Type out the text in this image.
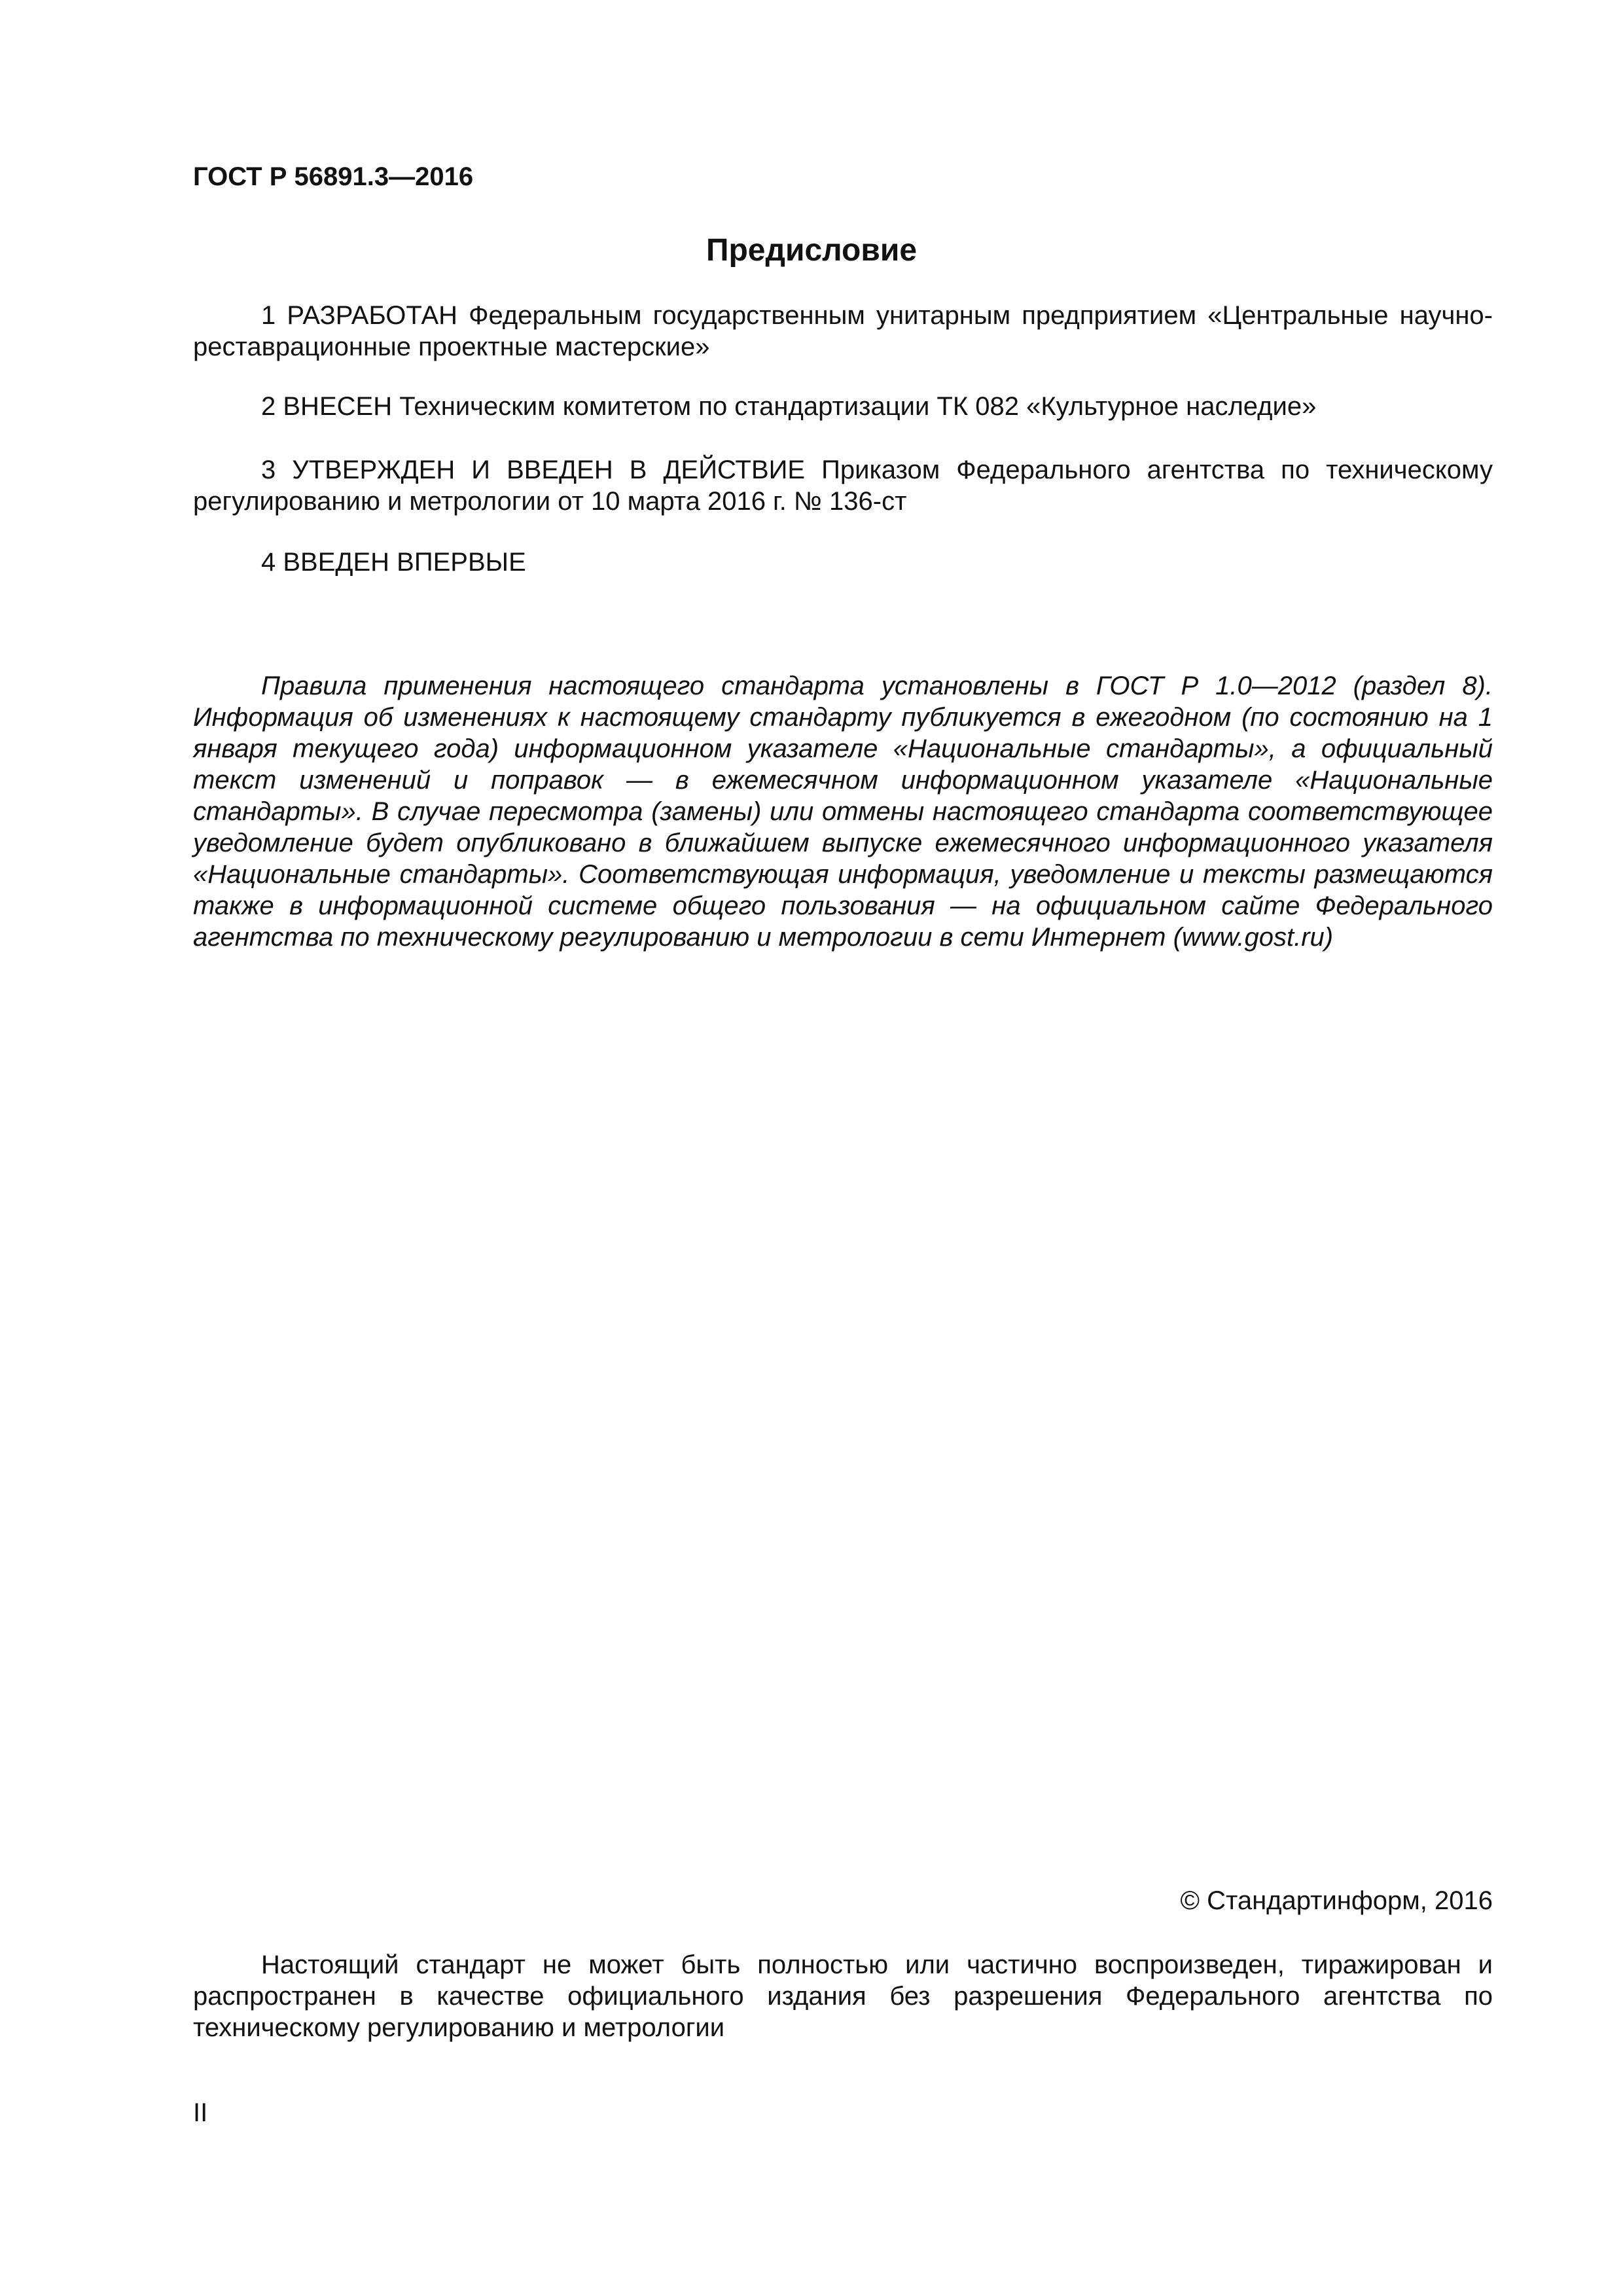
ГОСТ Р 56891.3—2016
Предисловие

1 РАЗРАБОТАН Федеральным государственным унитарным предприятием «Центральные научно-реставрационные проектные мастерские»

2 ВНЕСЕН Техническим комитетом по стандартизации ТК 082 «Культурное наследие»

3 УТВЕРЖДЕН И ВВЕДЕН В ДЕЙСТВИЕ Приказом Федерального агентства по техническому регулированию и метрологии от 10 марта 2016 г. № 136-ст

4 ВВЕДЕН ВПЕРВЫЕ

Правила применения настоящего стандарта установлены в ГОСТ Р 1.0—2012 (раздел 8). Информация об изменениях к настоящему стандарту публикуется в ежегодном (по состоянию на 1 января текущего года) информационном указателе «Национальные стандарты», а официальный текст изменений и поправок — в ежемесячном информационном указателе «Национальные стандарты». В случае пересмотра (замены) или отмены настоящего стандарта соответствующее уведомление будет опубликовано в ближайшем выпуске ежемесячного информационного указателя «Национальные стандарты». Соответствующая информация, уведомление и тексты размещаются также в информационной системе общего пользования — на официальном сайте Федерального агентства по техническому регулированию и метрологии в сети Интернет (www.gost.ru)

© Стандартинформ, 2016

Настоящий стандарт не может быть полностью или частично воспроизведен, тиражирован и распространен в качестве официального издания без разрешения Федерального агентства по техническому регулированию и метрологии

II
